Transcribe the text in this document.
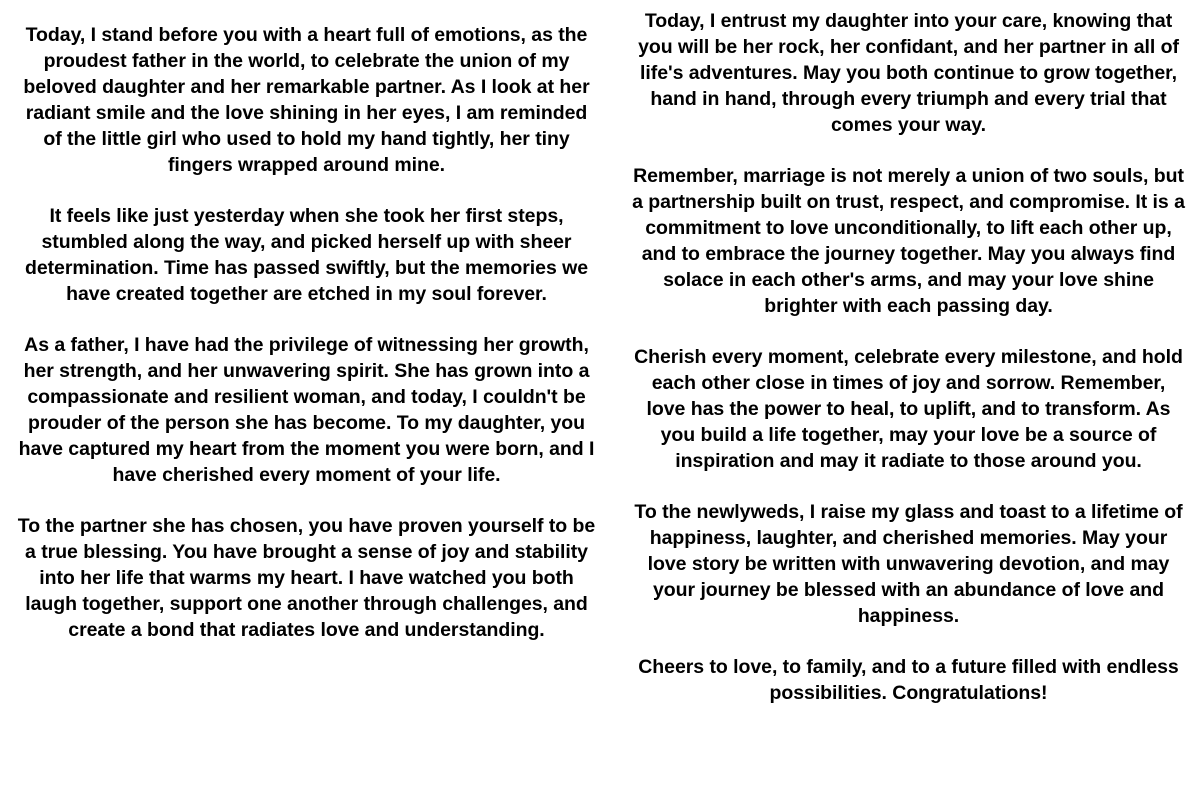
Today, I stand before you with a heart full of emotions, as the proudest father in the world, to celebrate the union of my beloved daughter and her remarkable partner. As I look at her radiant smile and the love shining in her eyes, I am reminded of the little girl who used to hold my hand tightly, her tiny fingers wrapped around mine.

It feels like just yesterday when she took her first steps, stumbled along the way, and picked herself up with sheer determination. Time has passed swiftly, but the memories we have created together are etched in my soul forever.

As a father, I have had the privilege of witnessing her growth, her strength, and her unwavering spirit. She has grown into a compassionate and resilient woman, and today, I couldn't be prouder of the person she has become. To my daughter, you have captured my heart from the moment you were born, and I have cherished every moment of your life.

To the partner she has chosen, you have proven yourself to be a true blessing. You have brought a sense of joy and stability into her life that warms my heart. I have watched you both laugh together, support one another through challenges, and create a bond that radiates love and understanding.

Today, I entrust my daughter into your care, knowing that you will be her rock, her confidant, and her partner in all of life's adventures. May you both continue to grow together, hand in hand, through every triumph and every trial that comes your way.

Remember, marriage is not merely a union of two souls, but a partnership built on trust, respect, and compromise. It is a commitment to love unconditionally, to lift each other up, and to embrace the journey together. May you always find solace in each other's arms, and may your love shine brighter with each passing day.

Cherish every moment, celebrate every milestone, and hold each other close in times of joy and sorrow. Remember, love has the power to heal, to uplift, and to transform. As you build a life together, may your love be a source of inspiration and may it radiate to those around you.

To the newlyweds, I raise my glass and toast to a lifetime of happiness, laughter, and cherished memories. May your love story be written with unwavering devotion, and may your journey be blessed with an abundance of love and happiness.

Cheers to love, to family, and to a future filled with endless possibilities. Congratulations!
